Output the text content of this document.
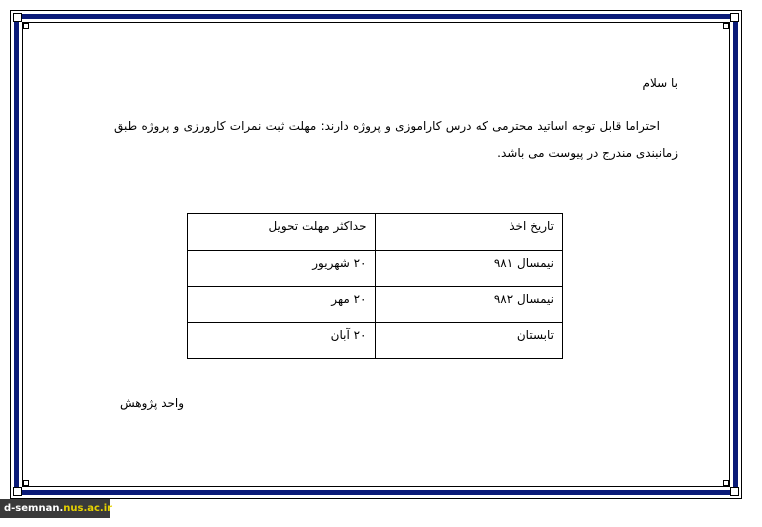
با سلام
احتراما قابل توجه اساتید محترمی که درس کاراموزی و پروژه دارند: مهلت ثبت نمرات کارورزی و پروژه طبق زمانبندی مندرج در پیوست می باشد.
تاریخ اخذ	حداکثر مهلت تحویل
نیمسال ۹۸۱	۲۰ شهریور
نیمسال ۹۸۲	۲۰ مهر
تابستان	۲۰ آبان
واحد پژوهش
d-semnan.nus.ac.ir
